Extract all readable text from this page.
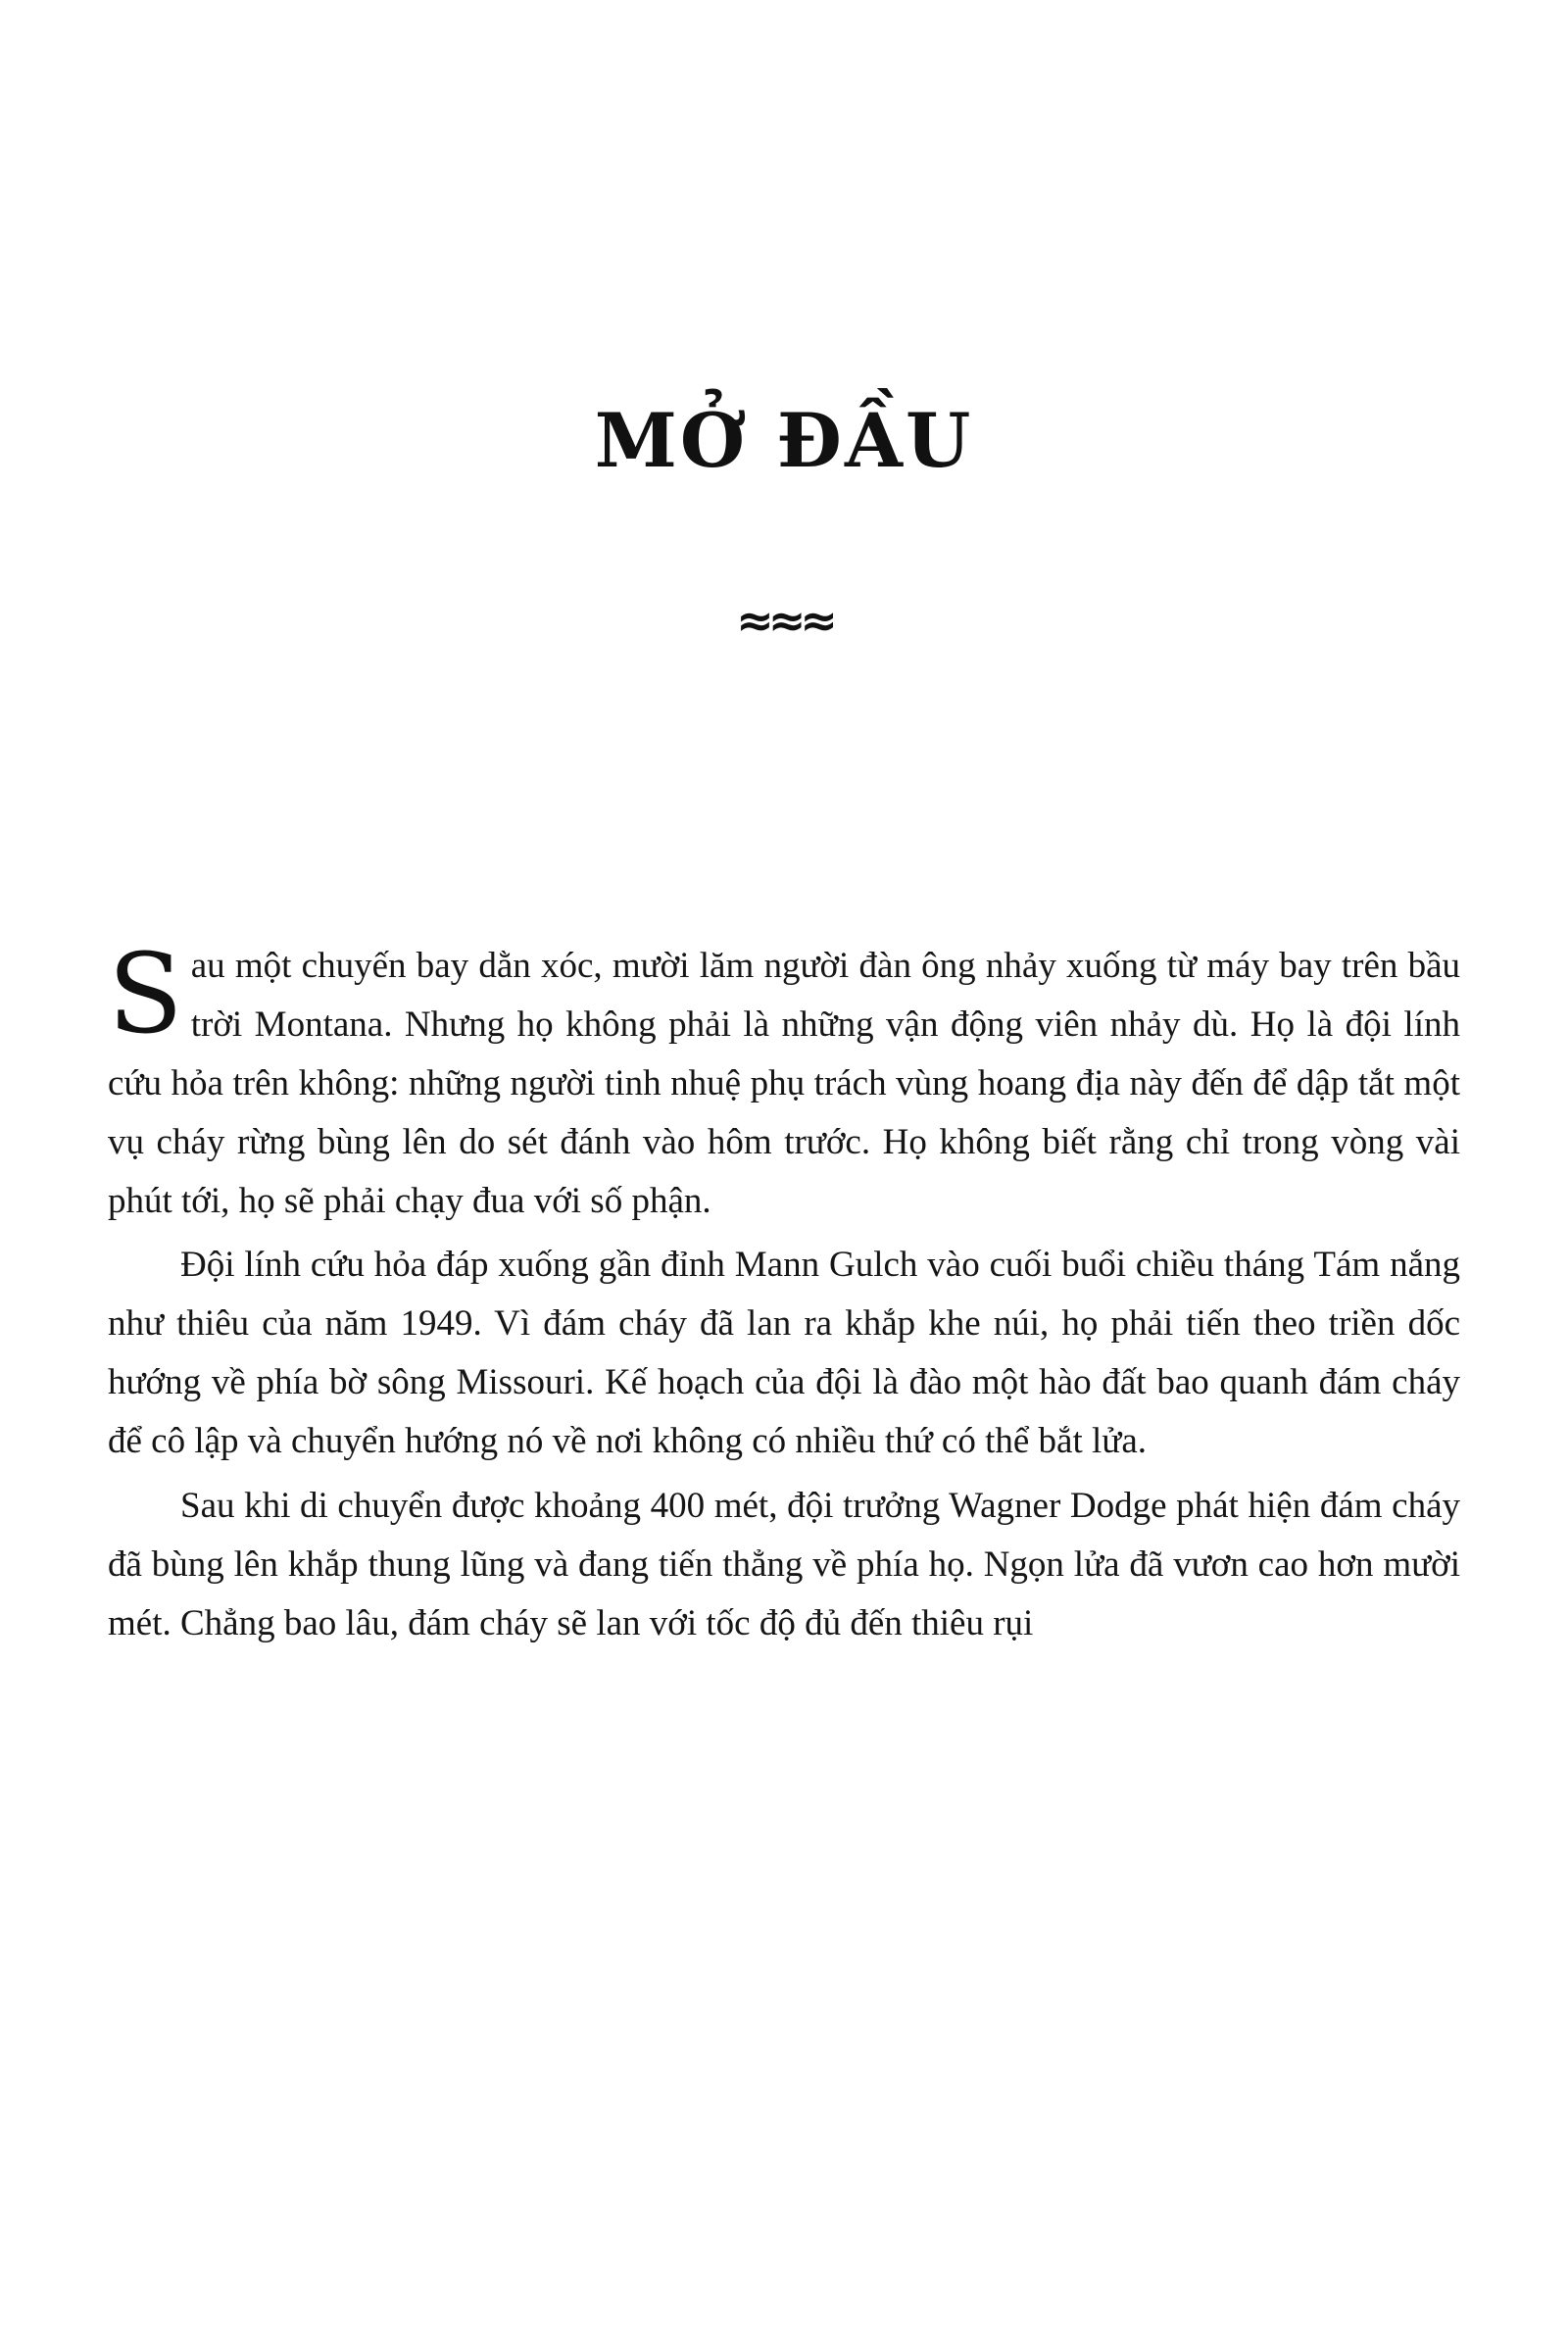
MỞ ĐẦU
≈≈≈

Sau một chuyến bay dằn xóc, mười lăm người đàn ông nhảy xuống từ máy bay trên bầu trời Montana. Nhưng họ không phải là những vận động viên nhảy dù. Họ là đội lính cứu hỏa trên không: những người tinh nhuệ phụ trách vùng hoang địa này đến để dập tắt một vụ cháy rừng bùng lên do sét đánh vào hôm trước. Họ không biết rằng chỉ trong vòng vài phút tới, họ sẽ phải chạy đua với số phận.

Đội lính cứu hỏa đáp xuống gần đỉnh Mann Gulch vào cuối buổi chiều tháng Tám nắng như thiêu của năm 1949. Vì đám cháy đã lan ra khắp khe núi, họ phải tiến theo triền dốc hướng về phía bờ sông Missouri. Kế hoạch của đội là đào một hào đất bao quanh đám cháy để cô lập và chuyển hướng nó về nơi không có nhiều thứ có thể bắt lửa.

Sau khi di chuyển được khoảng 400 mét, đội trưởng Wagner Dodge phát hiện đám cháy đã bùng lên khắp thung lũng và đang tiến thẳng về phía họ. Ngọn lửa đã vươn cao hơn mười mét. Chẳng bao lâu, đám cháy sẽ lan với tốc độ đủ đến thiêu rụi
